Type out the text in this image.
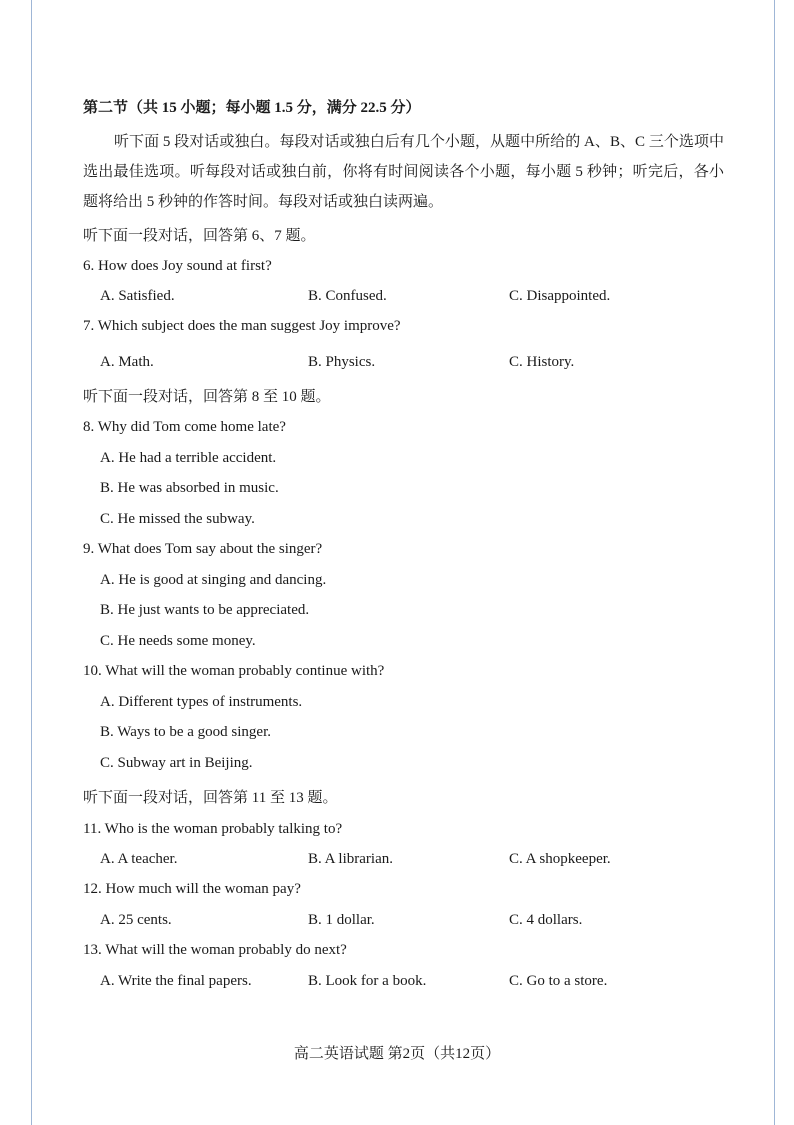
第二节（共 15 小题；每小题 1.5 分，满分 22.5 分）
听下面 5 段对话或独白。每段对话或独白后有几个小题，从题中所给的 A、B、C 三个选项中选出最佳选项。听每段对话或独白前，你将有时间阅读各个小题，每小题 5 秒钟；听完后，各小题将给出 5 秒钟的作答时间。每段对话或独白读两遍。
听下面一段对话，回答第 6、7 题。
6. How does Joy sound at first?
A. Satisfied.	B. Confused.	C. Disappointed.
7. Which subject does the man suggest Joy improve?
A. Math.	B. Physics.	C. History.
听下面一段对话，回答第 8 至 10 题。
8. Why did Tom come home late?
A. He had a terrible accident.
B. He was absorbed in music.
C. He missed the subway.
9. What does Tom say about the singer?
A. He is good at singing and dancing.
B. He just wants to be appreciated.
C. He needs some money.
10. What will the woman probably continue with?
A. Different types of instruments.
B. Ways to be a good singer.
C. Subway art in Beijing.
听下面一段对话，回答第 11 至 13 题。
11. Who is the woman probably talking to?
A. A teacher.	B. A librarian.	C. A shopkeeper.
12. How much will the woman pay?
A. 25 cents.	B. 1 dollar.	C. 4 dollars.
13. What will the woman probably do next?
A. Write the final papers.	B. Look for a book.	C. Go to a store.
高二英语试题 第2页（共12页）
